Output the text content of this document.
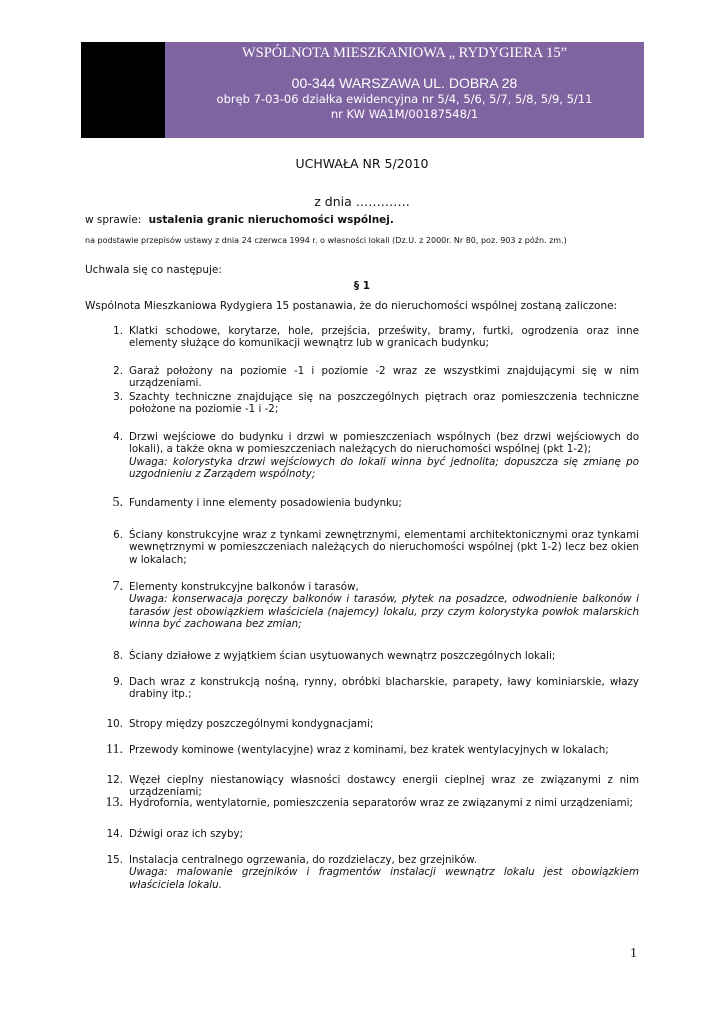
WSPÓLNOTA MIESZKANIOWA „ RYDYGIERA 15”
00-344 WARSZAWA UL. DOBRA 28
obręb 7-03-06 działka ewidencyjna nr 5/4, 5/6, 5/7, 5/8, 5/9, 5/11
nr KW WA1M/00187548/1
UCHWAŁA NR 5/2010
z dnia ………….
w sprawie: ustalenia granic nieruchomości wspólnej.
na podstawie przepisów ustawy z dnia 24 czerwca 1994 r. o własności lokali (Dz.U. z 2000r. Nr 80, poz. 903 z późn. zm.)
Uchwala się co następuje:
§ 1
Wspólnota Mieszkaniowa Rydygiera 15 postanawia, że do nieruchomości wspólnej zostaną zaliczone:
1. Klatki schodowe, korytarze, hole, przejścia, prześwity, bramy, furtki, ogrodzenia oraz inne elementy służące do komunikacji wewnątrz lub w granicach budynku;
2. Garaż położony na poziomie -1 i poziomie -2 wraz ze wszystkimi znajdującymi się w nim urządzeniami.
3. Szachty techniczne znajdujące się na poszczególnych piętrach oraz pomieszczenia techniczne położone na poziomie -1 i -2;
4. Drzwi wejściowe do budynku i drzwi w pomieszczeniach wspólnych (bez drzwi wejściowych do lokali), a także okna w pomieszczeniach należących do nieruchomości wspólnej (pkt 1-2);
Uwaga: kolorystyka drzwi wejściowych do lokali winna być jednolita; dopuszcza się zmianę po uzgodnieniu z Zarządem wspólnoty;
5. Fundamenty i inne elementy posadowienia budynku;
6. Ściany konstrukcyjne wraz z tynkami zewnętrznymi, elementami architektonicznymi oraz tynkami wewnętrznymi w pomieszczeniach należących do nieruchomości wspólnej (pkt 1-2) lecz bez okien w lokalach;
7. Elementy konstrukcyjne balkonów i tarasów,
Uwaga: konserwacaja poręczy balkonów i tarasów, płytek na posadzce, odwodnienie balkonów i tarasów jest obowiązkiem właściciela (najemcy) lokalu, przy czym kolorystyka powłok malarskich winna być zachowana bez zmian;
8. Ściany działowe z wyjątkiem ścian usytuowanych wewnątrz poszczególnych lokali;
9. Dach wraz z konstrukcją nośną, rynny, obróbki blacharskie, parapety, ławy kominiarskie, włazy drabiny itp.;
10. Stropy między poszczególnymi kondygnacjami;
11. Przewody kominowe (wentylacyjne) wraz z kominami, bez kratek wentylacyjnych w lokalach;
12. Węzeł cieplny niestanowiący własności dostawcy energii cieplnej wraz ze związanymi z nim urządzeniami;
13. Hydrofornia, wentylatornie, pomieszczenia separatorów wraz ze związanymi z nimi urządzeniami;
14. Dźwigi oraz ich szyby;
15. Instalacja centralnego ogrzewania, do rozdzielaczy, bez grzejników.
Uwaga: malowanie grzejników i fragmentów instalacji wewnątrz lokalu jest obowiązkiem właściciela lokalu.
1
